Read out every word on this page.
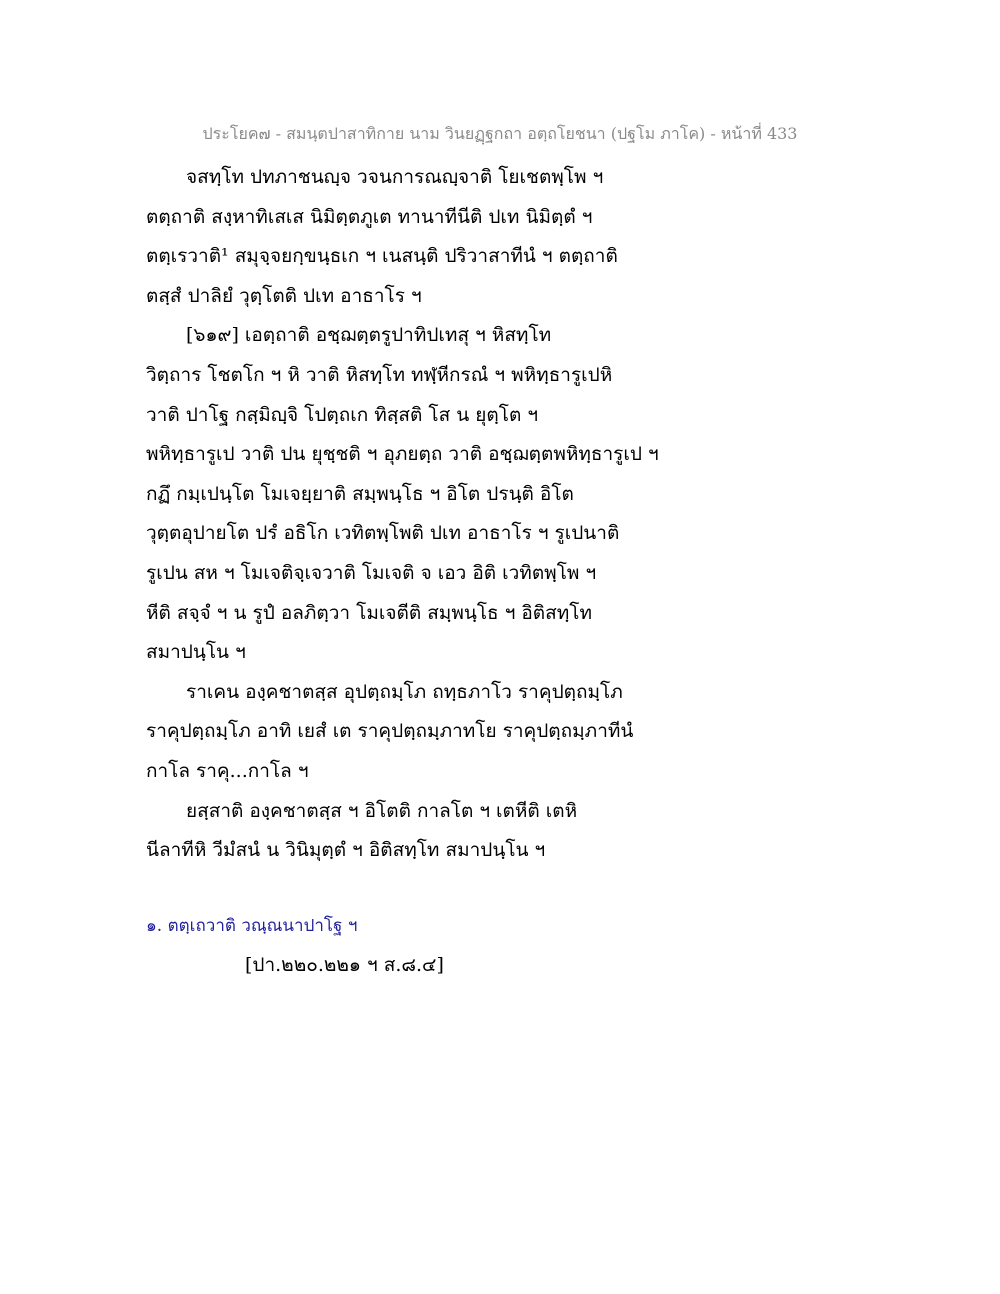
ประโยค๗ - สมนฺตปาสาทิกาย นาม วินยฏฺฐกถา อตฺถโยชนา (ปฐโม ภาโค) - หน้าที่ 433
จสทฺโท ปทภาชนญฺจ วจนการณญฺจาติ โยเชตพฺโพ ฯ
ตตฺถาติ สงฺหาทิเสเส นิมิตฺตภูเต ทานาทีนีติ ปเท นิมิตฺตํ ฯ
ตตฺเรวาติ¹ สมุจฺจยกฺขนฺธเก ฯ เนสนฺติ ปริวาสาทีนํ ฯ ตตฺถาติ
ตสฺสํ ปาลิยํ วุตฺโตติ ปเท อาธาโร ฯ
[๖๑๙] เอตฺถาติ อชฺฌตฺตรูปาทิปเทสุ ฯ หิสทฺโท
วิตฺถาร โชตโก ฯ หิ วาติ หิสทฺโท ทฬฺหีกรณํ ฯ พหิทฺธารูเปหิ
วาติ ปาโฐ กสฺมิญฺจิ โปตฺถเก ทิสฺสติ โส น ยุตฺโต ฯ
พหิทฺธารูเป วาติ ปน ยุชฺชติ ฯ อุภยตฺถ วาติ อชฺฌตฺตพหิทฺธารูเป ฯ
กฏึ กมฺเปนฺโต โมเจยฺยาติ สมฺพนฺโธ ฯ อิโต ปรนฺติ อิโต
วุตฺตอุปายโต ปรํ อธิโก เวทิตพฺโพติ ปเท อาธาโร ฯ รูเปนาติ
รูเปน สห ฯ โมเจติจฺเจวาติ โมเจติ จ เอว อิติ เวทิตพฺโพ ฯ
หีติ สจฺจํ ฯ น รูปํ อลภิตฺวา โมเจตีติ สมฺพนฺโธ ฯ อิติสทฺโท
สมาปนฺโน ฯ
ราเคน องฺคชาตสฺส อุปตฺถมฺโภ ถทฺธภาโว ราคุปตฺถมฺโภ
ราคุปตฺถมฺโภ อาทิ เยสํ เต ราคุปตฺถมฺภาทโย ราคุปตฺถมฺภาทีนํ
กาโล ราคุ...กาโล ฯ
ยสฺสาติ องฺคชาตสฺส ฯ อิโตติ กาลโต ฯ เตหีติ เตหิ
นีลาทีหิ วีมํสนํ น วินิมุตฺตํ ฯ อิติสทฺโท สมาปนฺโน ฯ
๑. ตตฺเถวาติ วณฺณนาปาโฐ ฯ
[ปา.๒๒๐.๒๒๑ ฯ ส.๘.๔]
